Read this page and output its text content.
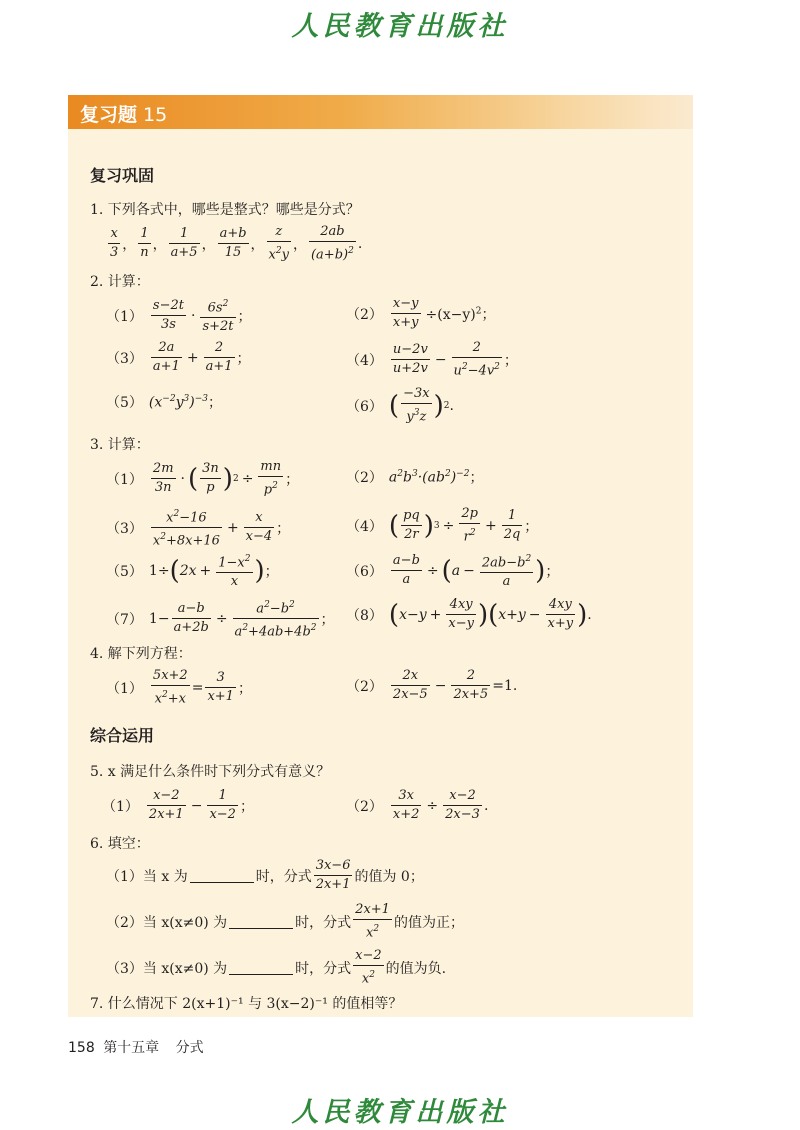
人民教育出版社
复习题 15
复习巩固
1. 下列各式中，哪些是整式？哪些是分式？
$\frac{x}{3}$ ， $\frac{1}{n}$ ， $\frac{1}{a+5}$ ， $\frac{a+b}{15}$ ， $\frac{z}{x^2y}$ ， $\frac{2ab}{(a+b)^2}$ .
2. 计算：
$(1) \frac{s-2t}{3s} \cdot \frac{6s^2}{s+2t}$ ；	$(2) \frac{x-y}{x+y} \div(x-y)^2$；
$(3) \frac{2a}{a+1} + \frac{2}{a+1}$ ；	$(4) \frac{u-2v}{u+2v} - \frac{2}{u^2-4v^2}$ ；
（5） $(x^{-2}y^3)^{-3}$ ；	（6） ( $\frac{-3x}{y^3z}$ ) 2 .
3. 计算：
$(1) \frac{2m}{3n}$ · ( $\frac{3n}{p}$ ) $2 \div \frac{mn}{p^2}$ ；	（2） $a^2b^3\cdot(ab^2)^{-2}$ ；
$(3) \frac{x^2-16}{x^2+8x+16} + \frac{x}{x-4}$ ；	（4） ( $\frac{pq}{2r}$ ) $3 \div \frac{2p}{r^2} + \frac{1}{2q}$ ；
（5） 1÷ ( $2x + \frac{1-x^2}{x}$ ) ；	$(6) \frac{a-b}{a}$ ÷ ( $a - \frac{2ab-b^2}{a}$ ) ；
（7） $1- \frac{a-b}{a+2b} \div \frac{a^2-b^2}{a^2+4ab+4b^2}$ ； （8） ( $x-y + \frac{4xy}{x-y}$ ) ( $x+y - \frac{4xy}{x+y}$ ) .
4. 解下列方程：
$(1) \frac{5x+2}{x^2+x} = \frac{3}{x+1}$ ；	$(2) \frac{2x}{2x-5} - \frac{2}{2x+5} =1$.
综合运用
5. x 满足什么条件时下列分式有意义？
$(1) \frac{x-2}{2x+1} - \frac{1}{x-2}$ ；	$(2) \frac{3x}{x+2} \div \frac{x-2}{2x-3}$ .
6. 填空：
（1）当 x 为	时，分式 $\frac{3x-6}{2x+1}$ 的值为 0；
（2）当 x(x≠0) 为	时，分式 $\frac{2x+1}{x^2}$ 的值为正；
（3）当 x(x≠0) 为	时，分式 $\frac{x-2}{x^2}$ 的值为负.
7. 什么情况下 2(x+1)⁻¹ 与 3(x−2)⁻¹ 的值相等？
158 第十五章 分式
人民教育出版社
